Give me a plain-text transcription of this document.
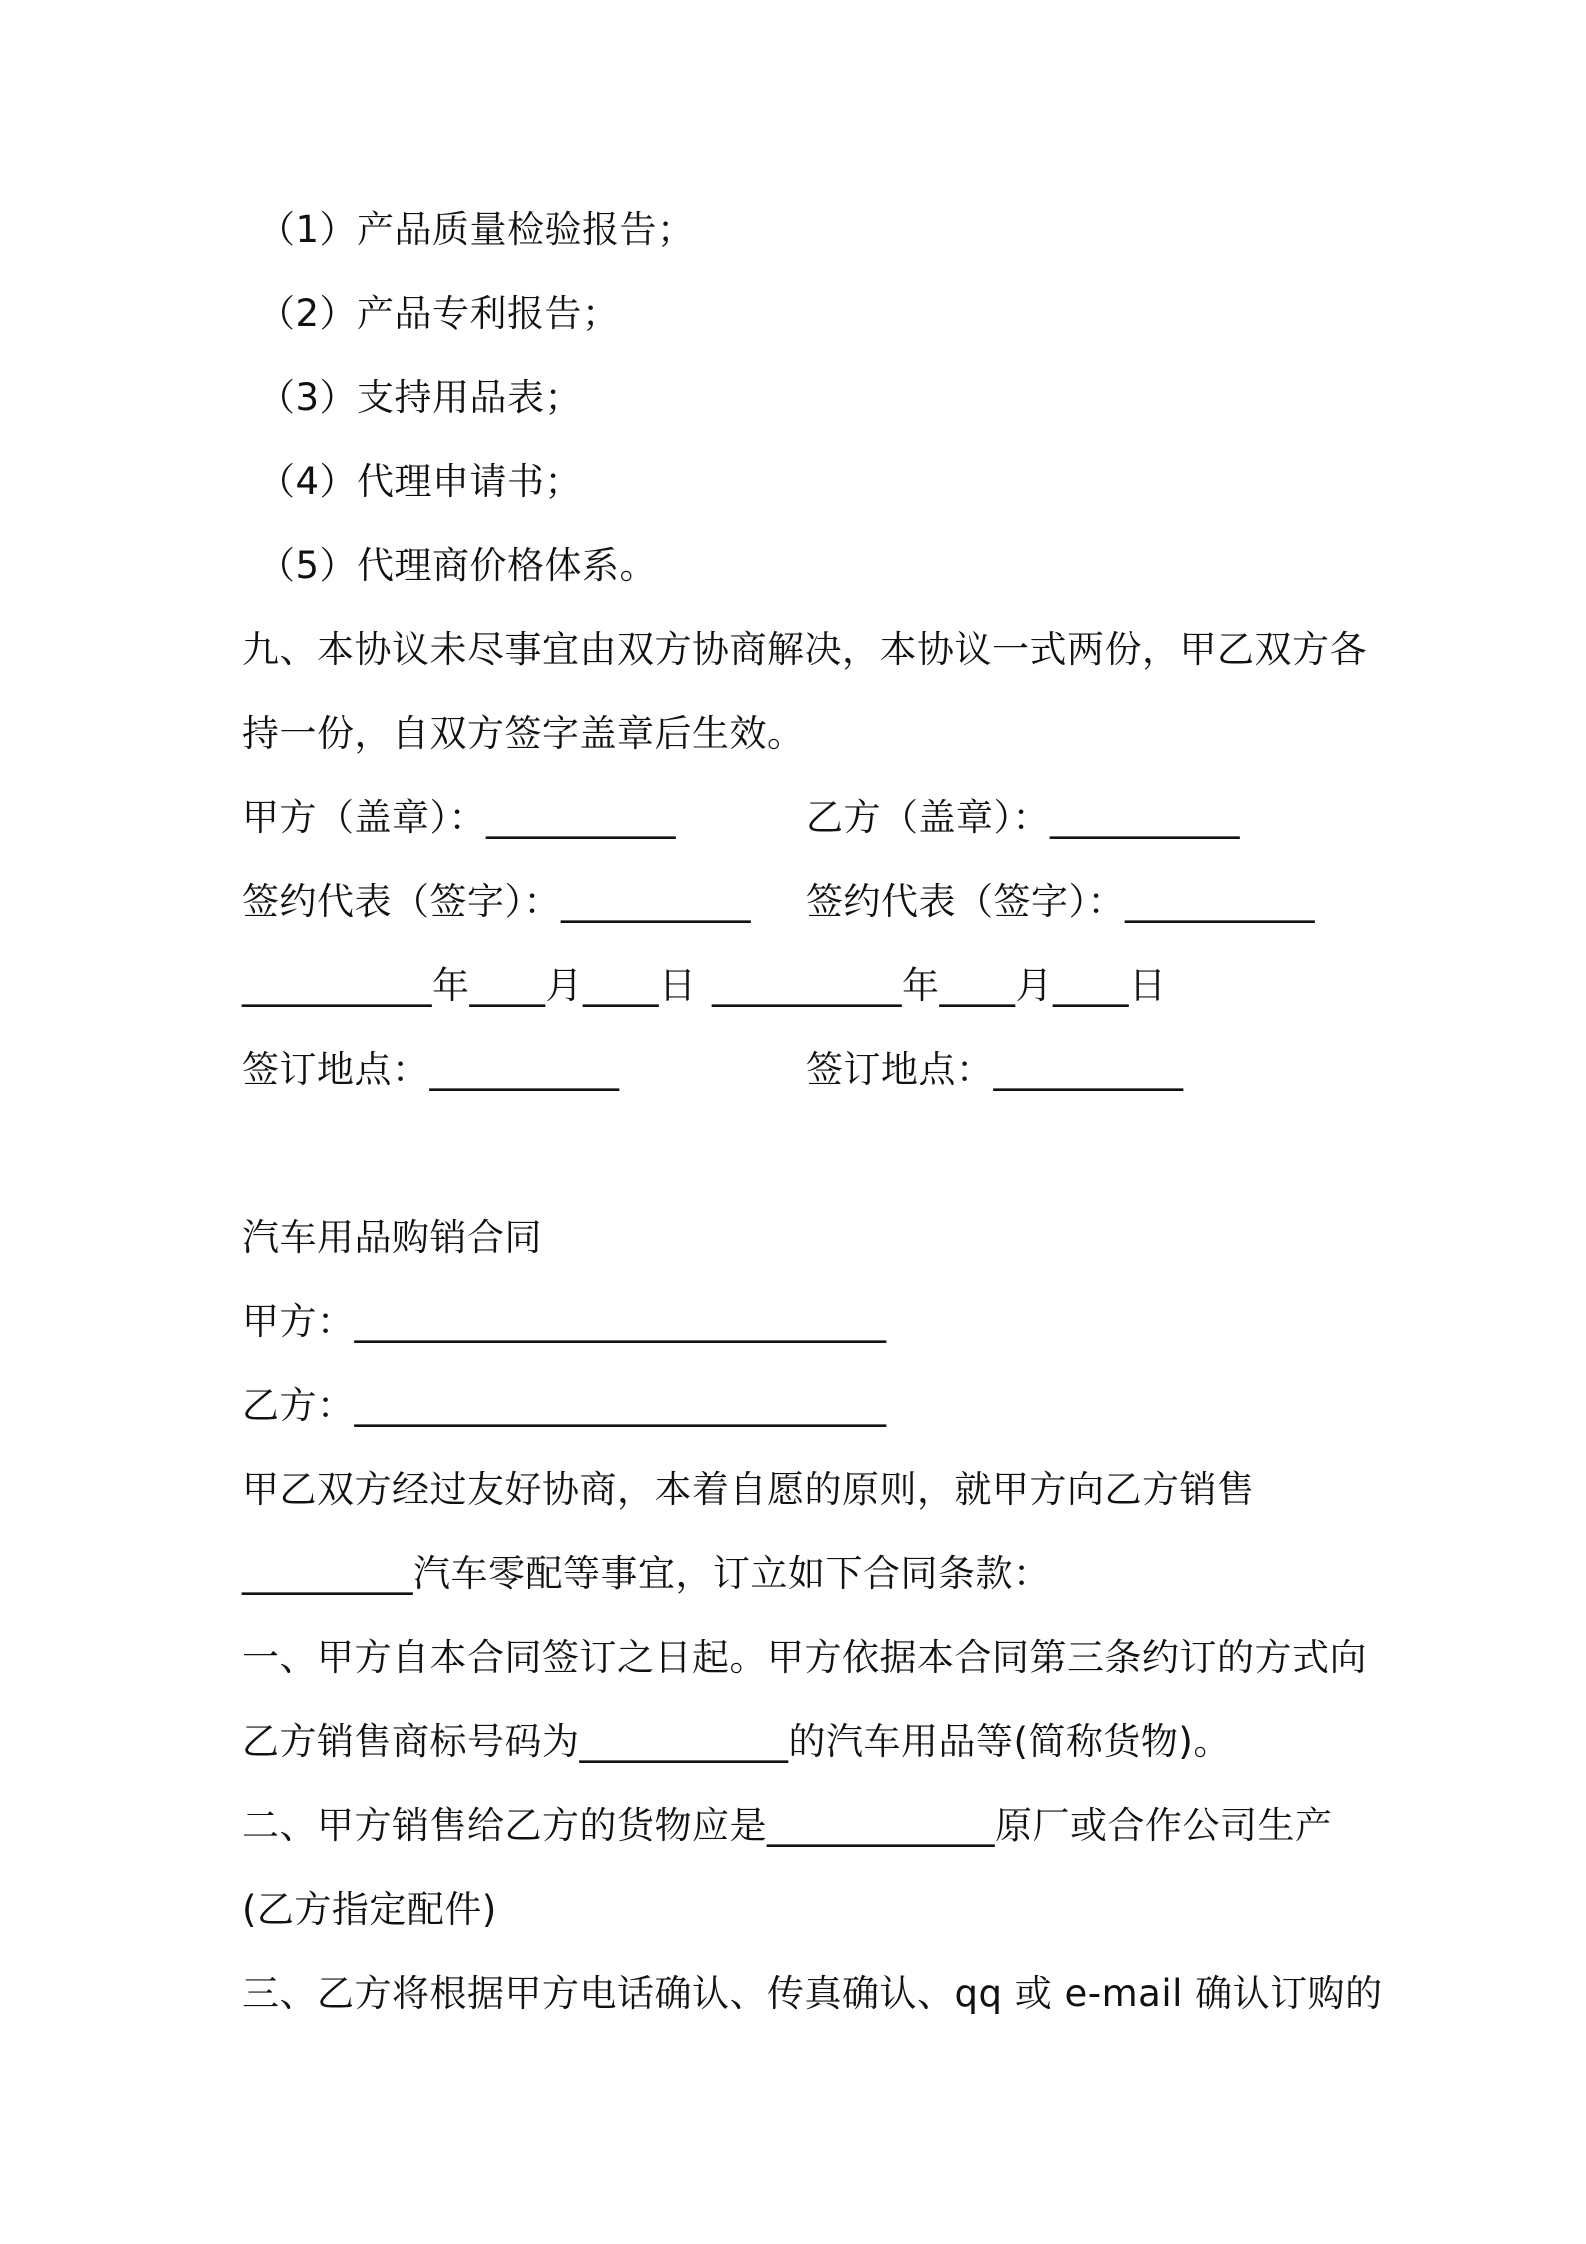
（1）产品质量检验报告；
（2）产品专利报告；
（3）支持用品表；
（4）代理申请书；
（5）代理商价格体系。
九、本协议未尽事宜由双方协商解决，本协议一式两份，甲乙双方各
持一份，自双方签字盖章后生效。
甲方（盖章）：__________	乙方（盖章）：__________
签约代表（签字）：__________ 签约代表（签字）：__________
__________年____月____日 __________年____月____日
签订地点：__________	签订地点：__________
汽车用品购销合同
甲方：____________________________
乙方：____________________________
甲乙双方经过友好协商，本着自愿的原则，就甲方向乙方销售
_________汽车零配等事宜，订立如下合同条款：
一、甲方自本合同签订之日起。甲方依据本合同第三条约订的方式向
乙方销售商标号码为___________的汽车用品等(简称货物)。
二、甲方销售给乙方的货物应是____________原厂或合作公司生产
(乙方指定配件)
三、乙方将根据甲方电话确认、传真确认、qq 或 e-mail 确认订购的
